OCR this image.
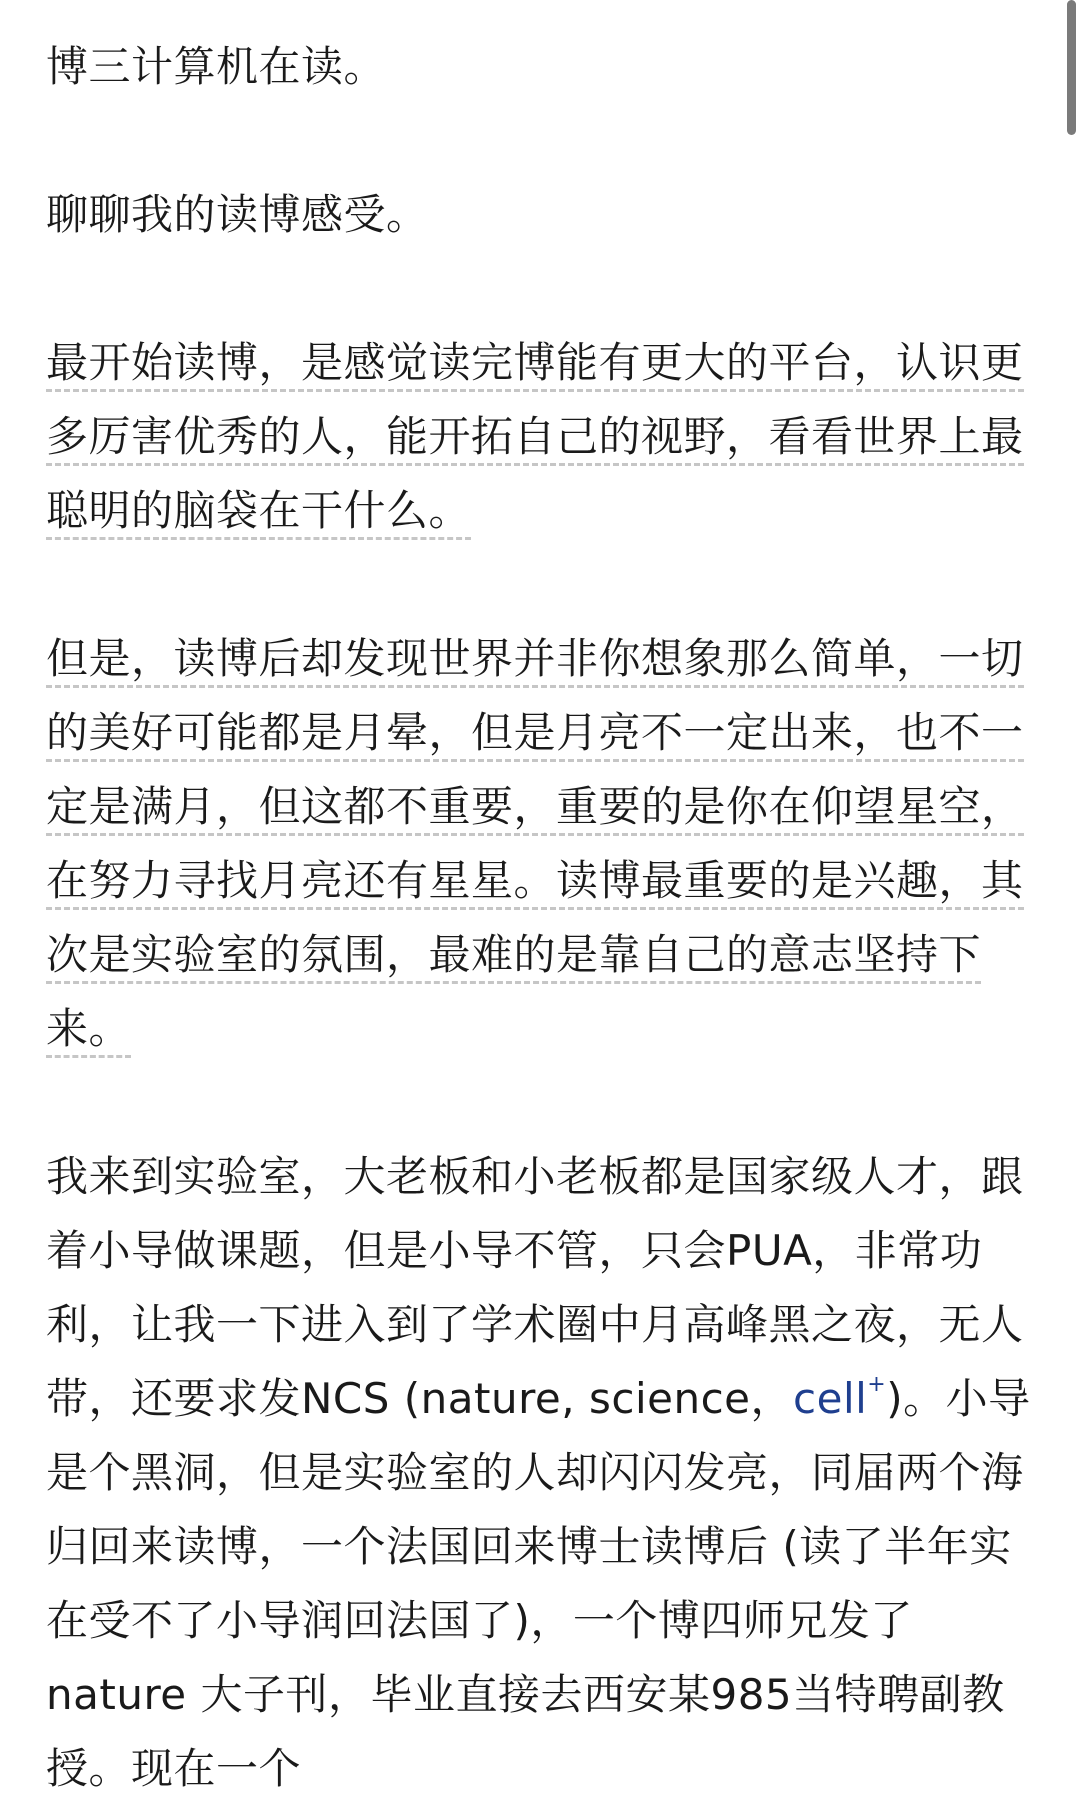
博三计算机在读。

聊聊我的读博感受。

最开始读博，是感觉读完博能有更大的平台，认识更多厉害优秀的人，能开拓自己的视野，看看世界上最聪明的脑袋在干什么。

但是，读博后却发现世界并非你想象那么简单，一切的美好可能都是月晕，但是月亮不一定出来，也不一定是满月，但这都不重要，重要的是你在仰望星空，在努力寻找月亮还有星星。读博最重要的是兴趣，其次是实验室的氛围，最难的是靠自己的意志坚持下来。

我来到实验室，大老板和小老板都是国家级人才，跟着小导做课题，但是小导不管，只会PUA，非常功利，让我一下进入到了学术圈中月高峰黑之夜，无人带，还要求发NCS (nature, science，cell+)。小导是个黑洞，但是实验室的人却闪闪发亮，同届两个海归回来读博，一个法国回来博士读博后 (读了半年实在受不了小导润回法国了)，一个博四师兄发了 nature 大子刊，毕业直接去西安某985当特聘副教授。现在一个
